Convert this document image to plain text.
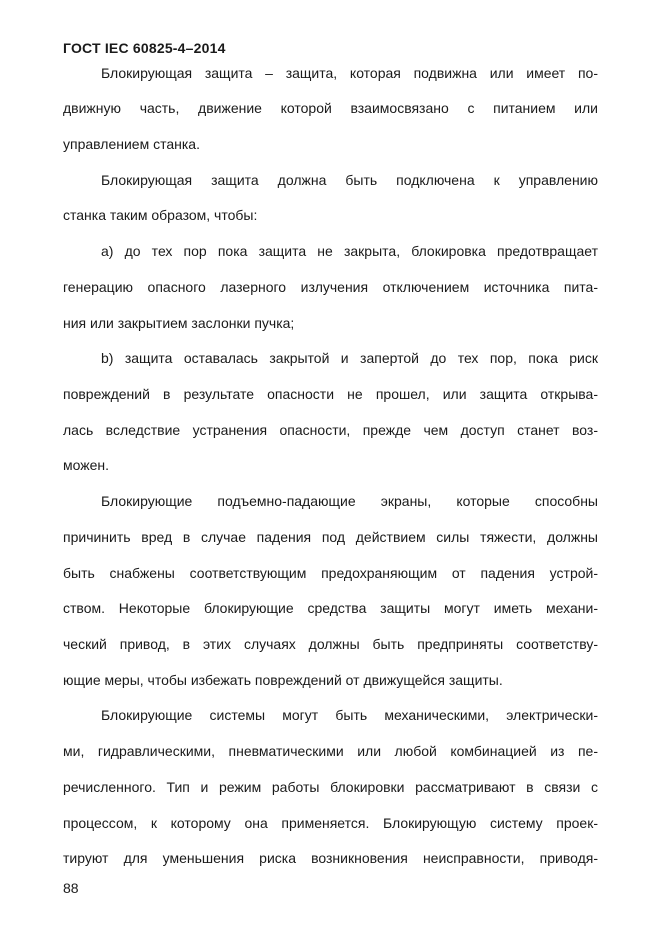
ГОСТ IEC 60825-4–2014
Блокирующая защита – защита, которая подвижна или имеет по-
движную часть, движение которой взаимосвязано с питанием или
управлением станка.
Блокирующая защита должна быть подключена к управлению
станка таким образом, чтобы:
а) до тех пор пока защита не закрыта, блокировка предотвращает
генерацию опасного лазерного излучения отключением источника пита-
ния или закрытием заслонки пучка;
b) защита оставалась закрытой и запертой до тех пор, пока риск
повреждений в результате опасности не прошел, или защита открыва-
лась вследствие устранения опасности, прежде чем доступ станет воз-
можен.
Блокирующие подъемно-падающие экраны, которые способны
причинить вред в случае падения под действием силы тяжести, должны
быть снабжены соответствующим предохраняющим от падения устрой-
ством. Некоторые блокирующие средства защиты могут иметь механи-
ческий привод, в этих случаях должны быть предприняты соответству-
ющие меры, чтобы избежать повреждений от движущейся защиты.
Блокирующие системы могут быть механическими, электрически-
ми, гидравлическими, пневматическими или любой комбинацией из пе-
речисленного. Тип и режим работы блокировки рассматривают в связи с
процессом, к которому она применяется. Блокирующую систему проек-
тируют для уменьшения риска возникновения неисправности, приводя-
88
